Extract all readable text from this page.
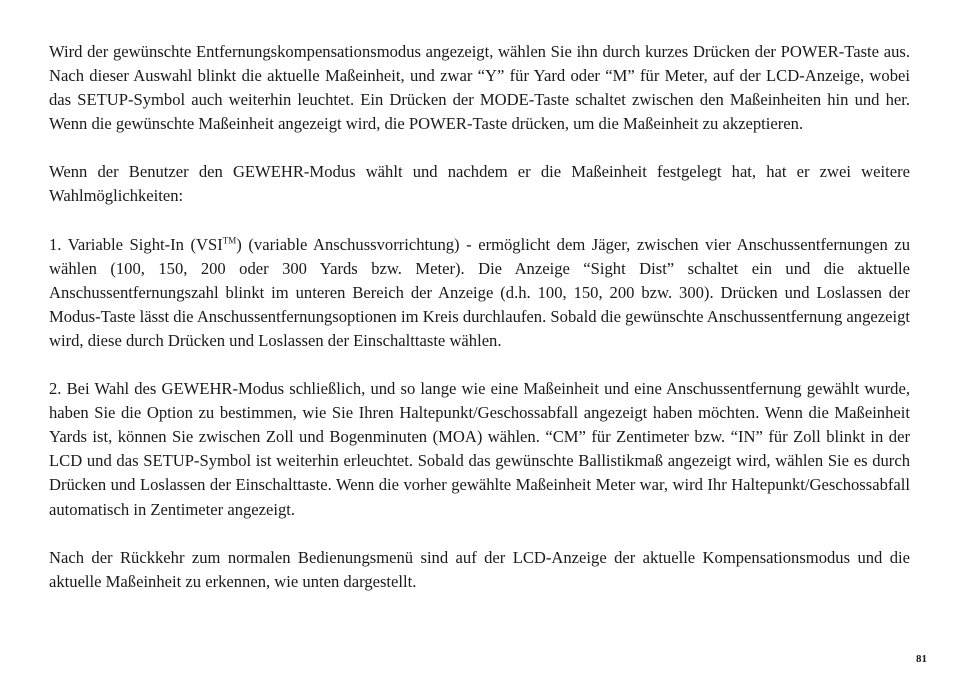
Wird der gewünschte Entfernungskompensationsmodus angezeigt, wählen Sie ihn durch kurzes Drücken der POWER-Taste aus. Nach dieser Auswahl blinkt die aktuelle Maßeinheit, und zwar “Y” für Yard oder “M” für Meter, auf der LCD-Anzeige, wobei das SETUP-Symbol auch weiterhin leuchtet. Ein Drücken der MODE-Taste schaltet zwischen den Maßeinheiten hin und her. Wenn die gewünschte Maßeinheit angezeigt wird, die POWER-Taste drücken, um die Maßeinheit zu akzeptieren.

Wenn der Benutzer den GEWEHR-Modus wählt und nachdem er die Maßeinheit festgelegt hat, hat er zwei weitere Wahlmöglichkeiten:

1. Variable Sight-In (VSI™) (variable Anschussvorrichtung) - ermöglicht dem Jäger, zwischen vier Anschussentfernungen zu wählen (100, 150, 200 oder 300 Yards bzw. Meter). Die Anzeige “Sight Dist” schaltet ein und die aktuelle Anschussentfernungszahl blinkt im unteren Bereich der Anzeige (d.h. 100, 150, 200 bzw. 300). Drücken und Loslassen der Modus-Taste lässt die Anschussentfernungsoptionen im Kreis durchlaufen. Sobald die gewünschte Anschussentfernung angezeigt wird, diese durch Drücken und Loslassen der Einschalttaste wählen.

2. Bei Wahl des GEWEHR-Modus schließlich, und so lange wie eine Maßeinheit und eine Anschussentfernung gewählt wurde, haben Sie die Option zu bestimmen, wie Sie Ihren Haltepunkt/Geschossabfall angezeigt haben möchten. Wenn die Maßeinheit Yards ist, können Sie zwischen Zoll und Bogenminuten (MOA) wählen. “CM” für Zentimeter bzw. “IN” für Zoll blinkt in der LCD und das SETUP-Symbol ist weiterhin erleuchtet. Sobald das gewünschte Ballistikmaß angezeigt wird, wählen Sie es durch Drücken und Loslassen der Einschalttaste. Wenn die vorher gewählte Maßeinheit Meter war, wird Ihr Haltepunkt/Geschossabfall automatisch in Zentimeter angezeigt.

Nach der Rückkehr zum normalen Bedienungsmenü sind auf der LCD-Anzeige der aktuelle Kompensationsmodus und die aktuelle Maßeinheit zu erkennen, wie unten dargestellt.

81
